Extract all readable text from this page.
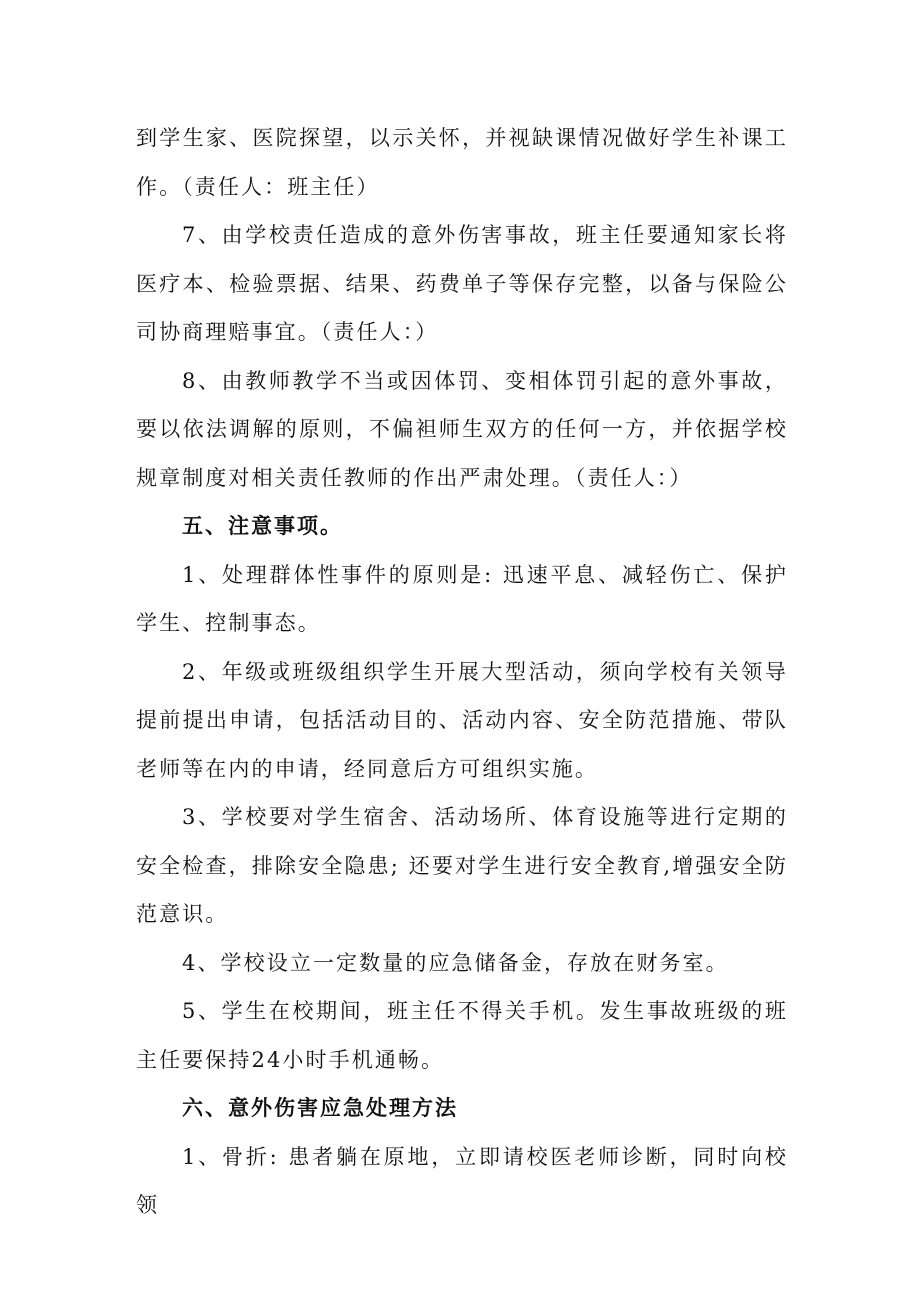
到学生家、医院探望，以示关怀，并视缺课情况做好学生补课工作。（责任人：班主任）

7、由学校责任造成的意外伤害事故，班主任要通知家长将医疗本、检验票据、结果、药费单子等保存完整，以备与保险公司协商理赔事宜。（责任人：）

8、由教师教学不当或因体罚、变相体罚引起的意外事故，要以依法调解的原则，不偏袒师生双方的任何一方，并依据学校规章制度对相关责任教师的作出严肃处理。（责任人：）

五、注意事项。

1、处理群体性事件的原则是: 迅速平息、减轻伤亡、保护学生、控制事态。

2、年级或班级组织学生开展大型活动，须向学校有关领导提前提出申请，包括活动目的、活动内容、安全防范措施、带队老师等在内的申请，经同意后方可组织实施。

3、学校要对学生宿舍、活动场所、体育设施等进行定期的安全检查，排除安全隐患; 还要对学生进行安全教育,增强安全防范意识。

4、学校设立一定数量的应急储备金，存放在财务室。

5、学生在校期间，班主任不得关手机。发生事故班级的班主任要保持24小时手机通畅。

六、意外伤害应急处理方法

1、骨折: 患者躺在原地，立即请校医老师诊断，同时向校领
